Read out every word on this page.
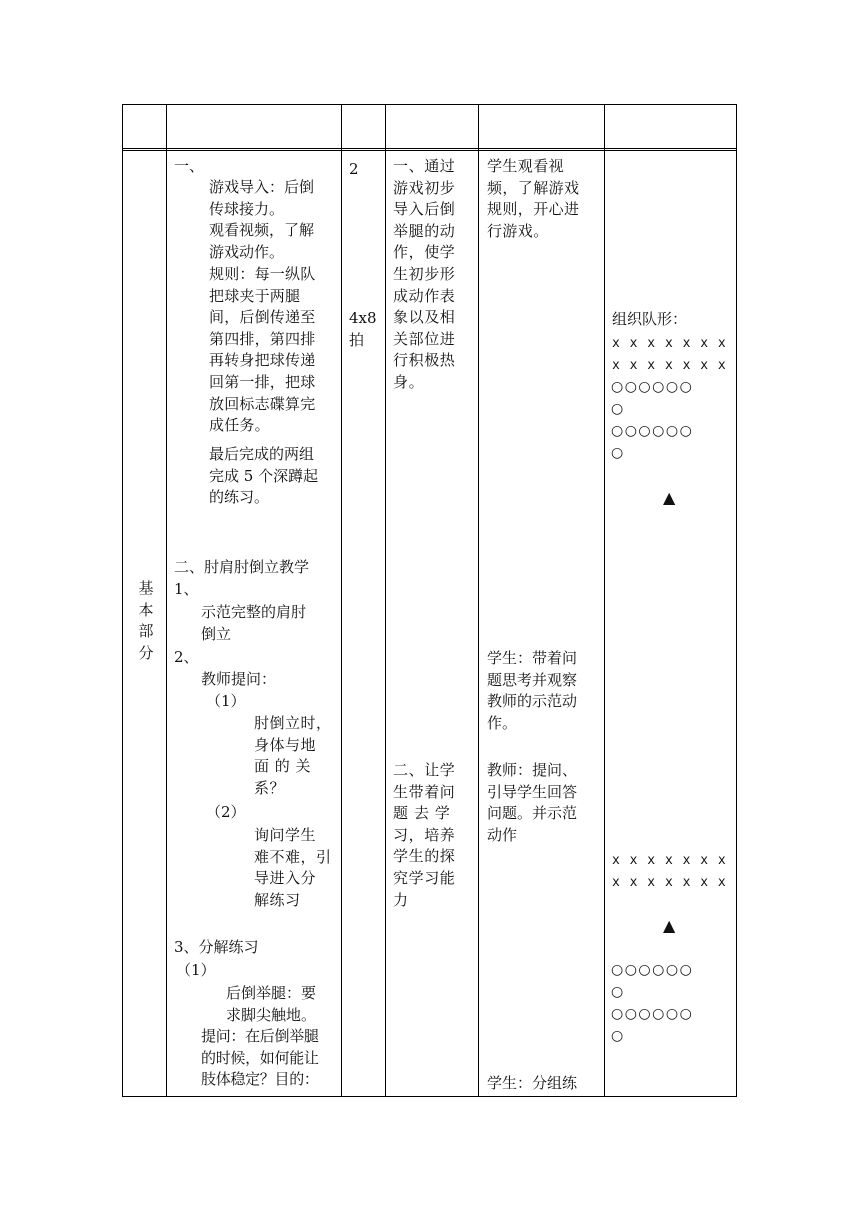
基
本
部
分
一、
游戏导入：后倒
传球接力。
观看视频，了解
游戏动作。
规则：每一纵队
把球夹于两腿
间，后倒传递至
第四排，第四排
再转身把球传递
回第一排，把球
放回标志碟算完
成任务。
最后完成的两组
完成 5 个深蹲起
的练习。
二、肘肩肘倒立教学
1、
示范完整的肩肘
倒立
2、
教师提问：
（1）
肘倒立时，
身体与地
面 的 关
系？
（2）
询问学生
难不难，引
导进入分
解练习
3、分解练习
（1）
后倒举腿：要
求脚尖触地。
提问：在后倒举腿
的时候，如何能让
肢体稳定？目的：
2
4x8
拍
一、通过
游戏初步
导入后倒
举腿的动
作，使学
生初步形
成动作表
象以及相
关部位进
行积极热
身。
二、让学
生带着问
题 去 学
习，培养
学生的探
究学习能
力
学生观看视
频，了解游戏
规则，开心进
行游戏。
学生：带着问
题思考并观察
教师的示范动
作。
教师：提问、
引导学生回答
问题。并示范
动作
学生：分组练
组织队形：
x x x x x x x
x x x x x x x
○○○○○○
○
○○○○○○
○
▲
x x x x x x x
x x x x x x x
▲
○○○○○○
○
○○○○○○
○
